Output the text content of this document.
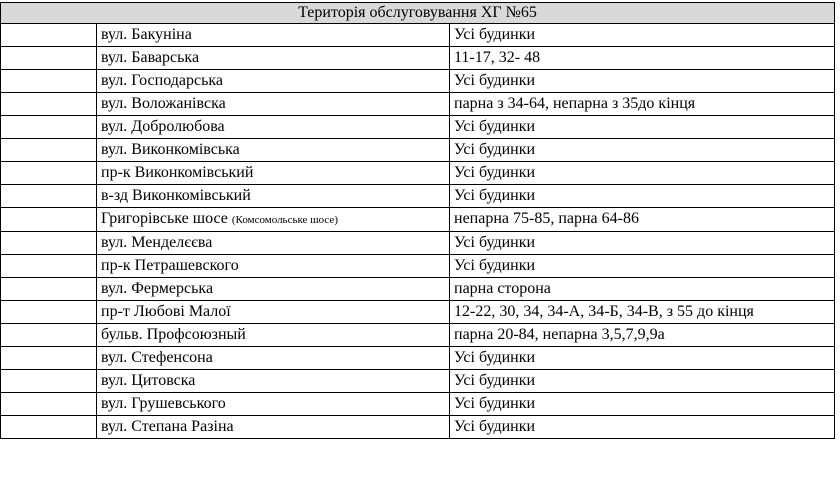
Територія обслуговування ХГ №65		
	вул. Бакуніна	Усі будинки
	вул. Баварська	11-17, 32- 48
	вул. Господарська	Усі будинки
	вул. Воложанівска	парна з 34-64, непарна з 35до кінця
	вул. Добролюбова	Усі будинки
	вул. Виконкомівська	Усі будинки
	пр-к Виконкомівський	Усі будинки
	в-зд Виконкомівський	Усі будинки
	Григорівське шосе (Комсомольське шосе)	непарна 75-85, парна 64-86
	вул. Менделєєва	Усі будинки
	пр-к Петрашевского	Усі будинки
	вул. Фермерська	парна сторона
	пр-т Любові Малої	12-22, 30, 34, 34-А, 34-Б, 34-В, з 55 до кінця
	бульв. Профсоюзный	парна 20-84, непарна 3,5,7,9,9а
	вул. Стефенсона	Усі будинки
	вул. Цитовска	Усі будинки
	вул. Грушевського	Усі будинки
	вул. Степана Разіна	Усі будинки
